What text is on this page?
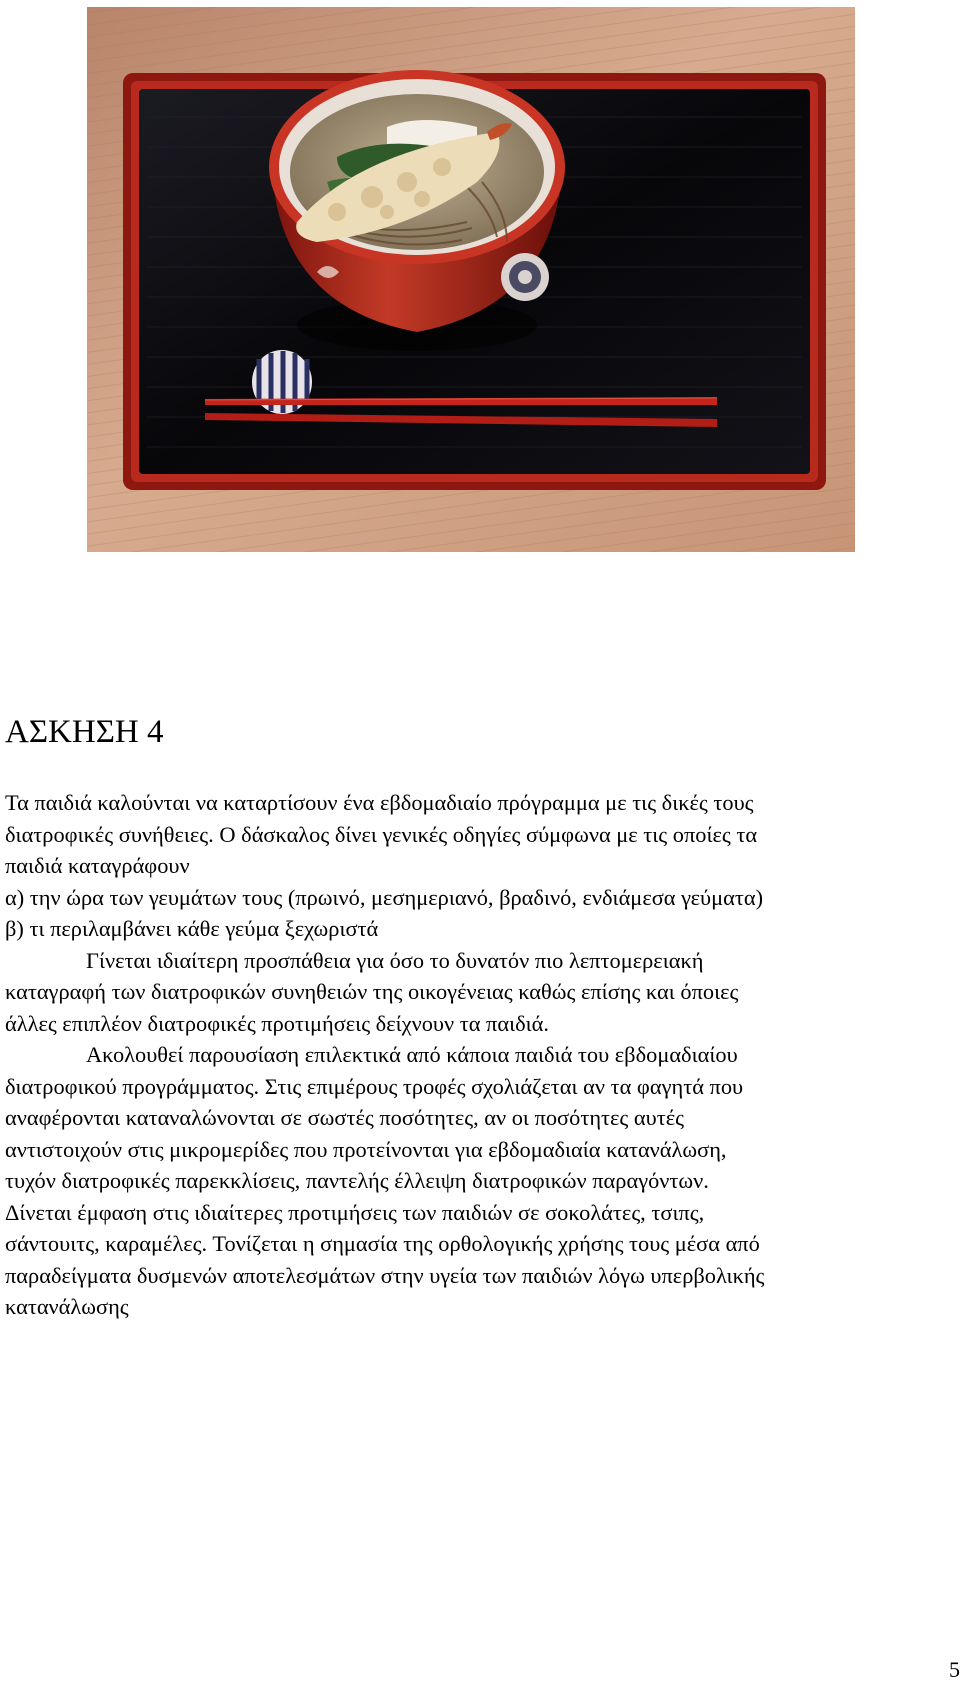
ΑΣΚΗΣΗ 4
Τα παιδιά καλούνται να καταρτίσουν ένα εβδομαδιαίο πρόγραμμα με τις δικές τους
διατροφικές συνήθειες. Ο δάσκαλος δίνει γενικές οδηγίες σύμφωνα με τις οποίες τα
παιδιά καταγράφουν
α) την ώρα των γευμάτων τους (πρωινό, μεσημεριανό, βραδινό, ενδιάμεσα γεύματα)
β) τι περιλαμβάνει κάθε γεύμα ξεχωριστά
Γίνεται ιδιαίτερη προσπάθεια για όσο το δυνατόν πιο λεπτομερειακή
καταγραφή των διατροφικών συνηθειών της οικογένειας καθώς επίσης και όποιες
άλλες επιπλέον διατροφικές προτιμήσεις δείχνουν τα παιδιά.
Ακολουθεί παρουσίαση επιλεκτικά από κάποια παιδιά του εβδομαδιαίου
διατροφικού προγράμματος. Στις επιμέρους τροφές σχολιάζεται αν τα φαγητά που
αναφέρονται καταναλώνονται σε σωστές ποσότητες, αν οι ποσότητες αυτές
αντιστοιχούν στις μικρομερίδες που προτείνονται για εβδομαδιαία κατανάλωση,
τυχόν διατροφικές παρεκκλίσεις, παντελής έλλειψη διατροφικών παραγόντων.
Δίνεται έμφαση στις ιδιαίτερες προτιμήσεις των παιδιών σε σοκολάτες, τσιπς,
σάντουιτς, καραμέλες. Τονίζεται η σημασία της ορθολογικής χρήσης τους μέσα από
παραδείγματα δυσμενών αποτελεσμάτων στην υγεία των παιδιών λόγω υπερβολικής
κατανάλωσης
5
